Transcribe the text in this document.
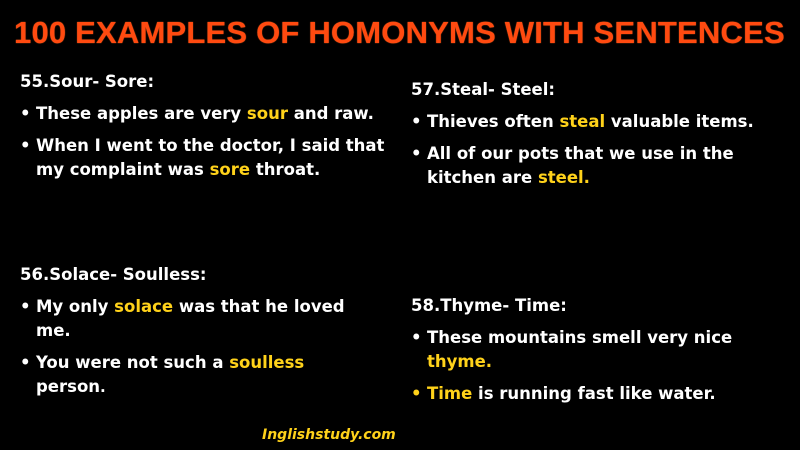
100 EXAMPLES OF HOMONYMS WITH SENTENCES
55.Sour- Sore:
• These apples are very sour and raw.
• When I went to the doctor, I said that my complaint was sore throat.
56.Solace- Soulless:
• My only solace was that he loved me.
• You were not such a soulless person.
57.Steal- Steel:
• Thieves often steal valuable items.
• All of our pots that we use in the kitchen are steel.
58.Thyme- Time:
• These mountains smell very nice thyme.
• Time is running fast like water.
Inglishstudy.com
